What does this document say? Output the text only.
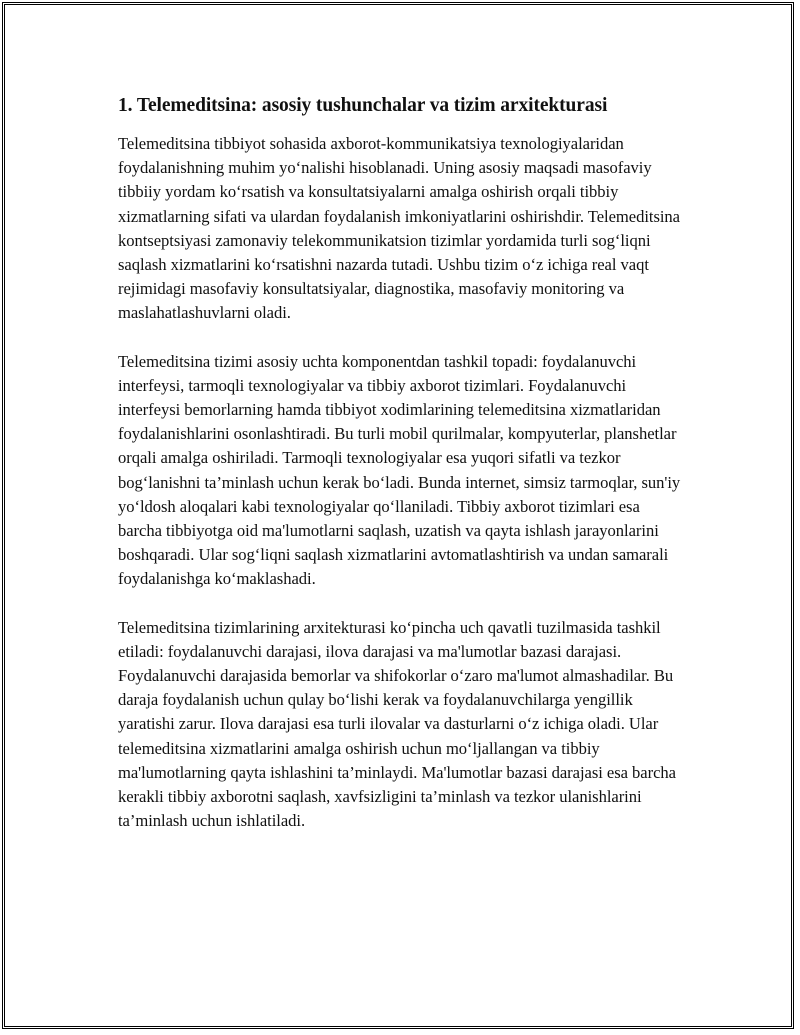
1. Telemeditsina: asosiy tushunchalar va tizim arxitekturasi

Telemeditsina tibbiyot sohasida axborot-kommunikatsiya texnologiyalaridan foydalanishning muhim yoʻnalishi hisoblanadi. Uning asosiy maqsadi masofaviy tibbiiy yordam koʻrsatish va konsultatsiyalarni amalga oshirish orqali tibbiy xizmatlarning sifati va ulardan foydalanish imkoniyatlarini oshirishdir. Telemeditsina kontseptsiyasi zamonaviy telekommunikatsion tizimlar yordamida turli sogʻliqni saqlash xizmatlarini koʻrsatishni nazarda tutadi. Ushbu tizim oʻz ichiga real vaqt rejimidagi masofaviy konsultatsiyalar, diagnostika, masofaviy monitoring va maslahatlashuvlarni oladi.

Telemeditsina tizimi asosiy uchta komponentdan tashkil topadi: foydalanuvchi interfeysi, tarmoqli texnologiyalar va tibbiy axborot tizimlari. Foydalanuvchi interfeysi bemorlarning hamda tibbiyot xodimlarining telemeditsina xizmatlaridan foydalanishlarini osonlashtiradi. Bu turli mobil qurilmalar, kompyuterlar, planshetlar orqali amalga oshiriladi. Tarmoqli texnologiyalar esa yuqori sifatli va tezkor bogʻlanishni ta’minlash uchun kerak boʻladi. Bunda internet, simsiz tarmoqlar, sun'iy yoʻldosh aloqalari kabi texnologiyalar qoʻllaniladi. Tibbiy axborot tizimlari esa barcha tibbiyotga oid ma'lumotlarni saqlash, uzatish va qayta ishlash jarayonlarini boshqaradi. Ular sogʻliqni saqlash xizmatlarini avtomatlashtirish va undan samarali foydalanishga koʻmaklashadi.

Telemeditsina tizimlarining arxitekturasi koʻpincha uch qavatli tuzilmasida tashkil etiladi: foydalanuvchi darajasi, ilova darajasi va ma'lumotlar bazasi darajasi. Foydalanuvchi darajasida bemorlar va shifokorlar oʻzaro ma'lumot almashadilar. Bu daraja foydalanish uchun qulay boʻlishi kerak va foydalanuvchilarga yengillik yaratishi zarur. Ilova darajasi esa turli ilovalar va dasturlarni oʻz ichiga oladi. Ular telemeditsina xizmatlarini amalga oshirish uchun moʻljallangan va tibbiy ma'lumotlarning qayta ishlashini ta’minlaydi. Ma'lumotlar bazasi darajasi esa barcha kerakli tibbiy axborotni saqlash, xavfsizligini ta’minlash va tezkor ulanishlarini ta’minlash uchun ishlatiladi.
